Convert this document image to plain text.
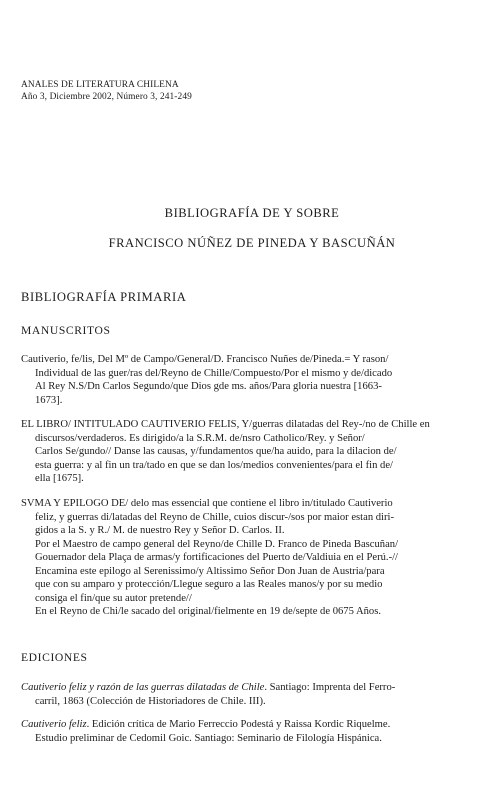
ANALES DE LITERATURA CHILENA
Año 3, Diciembre 2002, Número 3, 241-249
BIBLIOGRAFÍA DE Y SOBRE
FRANCISCO NÚÑEZ DE PINEDA Y BASCUÑÁN
BIBLIOGRAFÍA PRIMARIA
MANUSCRITOS
Cautiverio, fe/lis, Del Mº de Campo/General/D. Francisco Nuñes de/Pineda.= Y rason/
Individual de las guer/ras del/Reyno de Chille/Compuesto/Por el mismo y de/dicado
Al Rey N.S/Dn Carlos Segundo/que Dios gde ms. años/Para gloria nuestra [1663-
1673].
EL LIBRO/ INTITULADO CAUTIVERIO FELIS, Y/guerras dilatadas del Rey-/no de Chille en
discursos/verdaderos. Es dirigido/a la S.R.M. de/nsro Catholico/Rey. y Señor/
Carlos Se/gundo// Danse las causas, y/fundamentos que/ha auido, para la dilacion de/
esta guerra: y al fin un tra/tado en que se dan los/medios convenientes/para el fin de/
ella [1675].
SVMA Y EPILOGO DE/ delo mas essencial que contiene el libro in/titulado Cautiverio
feliz, y guerras di/latadas del Reyno de Chille, cuios discur-/sos por maior estan diri-
gidos a la S. y R./ M. de nuestro Rey y Señor D. Carlos. II.
Por el Maestro de campo general del Reyno/de Chille D. Franco de Pineda Bascuñan/
Gouernador dela Plaça de armas/y fortificaciones del Puerto de/Valdiuia en el Perú.-//
Encamina este epilogo al Serenissimo/y Altissimo Señor Don Juan de Austria/para
que con su amparo y protección/Llegue seguro a las Reales manos/y por su medio
consiga el fin/que su autor pretende//
En el Reyno de Chi/le sacado del original/fielmente en 19 de/septe de 0675 Años.
EDICIONES
Cautiverio feliz y razón de las guerras dilatadas de Chile. Santiago: Imprenta del Ferro-
carril, 1863 (Colección de Historiadores de Chile. III).
Cautiverio feliz. Edición crítica de Mario Ferreccio Podestá y Raissa Kordic Riquelme.
Estudio preliminar de Cedomil Goic. Santiago: Seminario de Filología Hispánica.
